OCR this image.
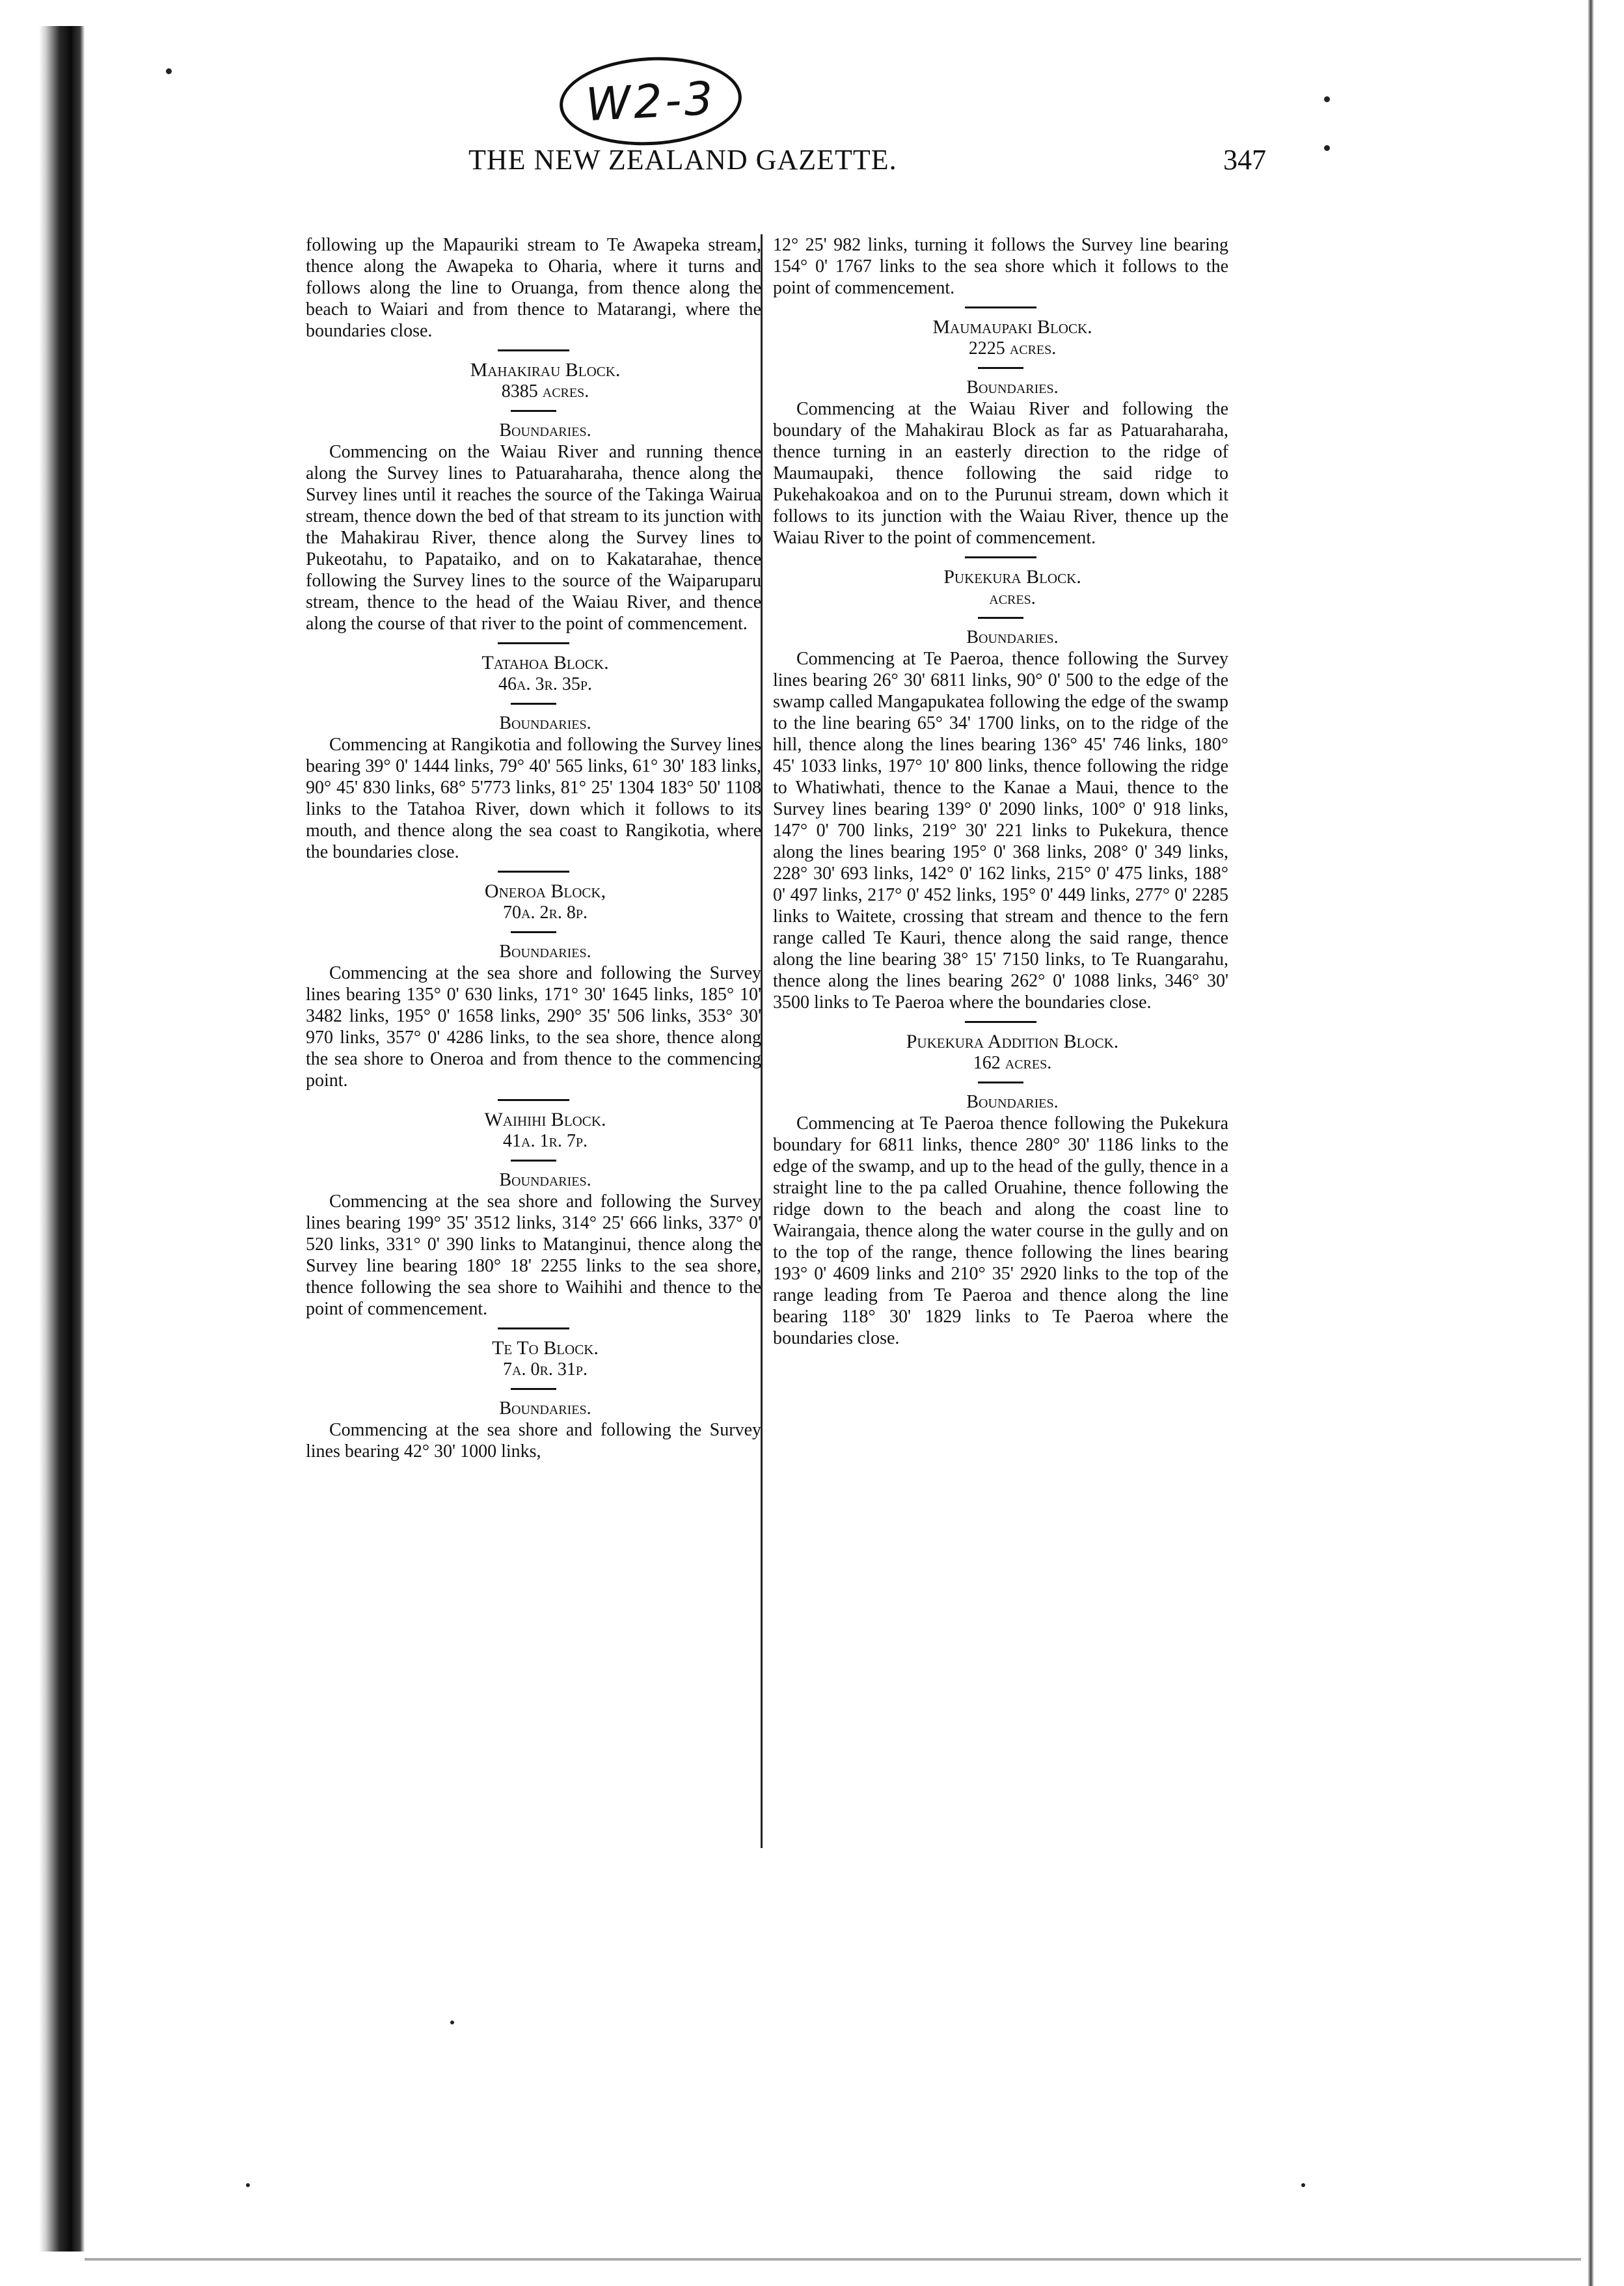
W2-3
THE NEW ZEALAND GAZETTE.	347

following up the Mapauriki stream to Te Awapeka stream, thence along the Awapeka to Oharia, where it turns and follows along the line to Oruanga, from thence along the beach to Waiari and from thence to Matarangi, where the boundaries close.

Mahakirau Block.

8385 acres.

Boundaries.

Commencing on the Waiau River and running thence along the Survey lines to Patuaraharaha, thence along the Survey lines until it reaches the source of the Takinga Wairua stream, thence down the bed of that stream to its junction with the Mahakirau River, thence along the Survey lines to Pukeotahu, to Papataiko, and on to Kakatarahae, thence following the Survey lines to the source of the Waiparuparu stream, thence to the head of the Waiau River, and thence along the course of that river to the point of commencement.

Tatahoa Block.

46a. 3r. 35p.

Boundaries.

Commencing at Rangikotia and following the Survey lines bearing 39° 0' 1444 links, 79° 40' 565 links, 61° 30' 183 links, 90° 45' 830 links, 68° 5'773 links, 81° 25' 1304 183° 50' 1108 links to the Tatahoa River, down which it follows to its mouth, and thence along the sea coast to Rangikotia, where the boundaries close.

Oneroa Block,

70a. 2r. 8p.

Boundaries.

Commencing at the sea shore and following the Survey lines bearing 135° 0' 630 links, 171° 30' 1645 links, 185° 10' 3482 links, 195° 0' 1658 links, 290° 35' 506 links, 353° 30' 970 links, 357° 0' 4286 links, to the sea shore, thence along the sea shore to Oneroa and from thence to the commencing point.

Waihihi Block.

41a. 1r. 7p.

Boundaries.

Commencing at the sea shore and following the Survey lines bearing 199° 35' 3512 links, 314° 25' 666 links, 337° 0' 520 links, 331° 0' 390 links to Matanginui, thence along the Survey line bearing 180° 18' 2255 links to the sea shore, thence following the sea shore to Waihihi and thence to the point of commencement.

Te To Block.

7a. 0r. 31p.

Boundaries.

Commencing at the sea shore and following the Survey lines bearing 42° 30' 1000 links,

12° 25' 982 links, turning it follows the Survey line bearing 154° 0' 1767 links to the sea shore which it follows to the point of commencement.

Maumaupaki Block.

2225 acres.

Boundaries.

Commencing at the Waiau River and following the boundary of the Mahakirau Block as far as Patuaraharaha, thence turning in an easterly direction to the ridge of Maumaupaki, thence following the said ridge to Pukehakoakoa and on to the Purunui stream, down which it follows to its junction with the Waiau River, thence up the Waiau River to the point of commencement.

Pukekura Block.

acres.

Boundaries.

Commencing at Te Paeroa, thence following the Survey lines bearing 26° 30' 6811 links, 90° 0' 500 to the edge of the swamp called Mangapukatea following the edge of the swamp to the line bearing 65° 34' 1700 links, on to the ridge of the hill, thence along the lines bearing 136° 45' 746 links, 180° 45' 1033 links, 197° 10' 800 links, thence following the ridge to Whatiwhati, thence to the Kanae a Maui, thence to the Survey lines bearing 139° 0' 2090 links, 100° 0' 918 links, 147° 0' 700 links, 219° 30' 221 links to Pukekura, thence along the lines bearing 195° 0' 368 links, 208° 0' 349 links, 228° 30' 693 links, 142° 0' 162 links, 215° 0' 475 links, 188° 0' 497 links, 217° 0' 452 links, 195° 0' 449 links, 277° 0' 2285 links to Waitete, crossing that stream and thence to the fern range called Te Kauri, thence along the said range, thence along the line bearing 38° 15' 7150 links, to Te Ruangarahu, thence along the lines bearing 262° 0' 1088 links, 346° 30' 3500 links to Te Paeroa where the boundaries close.

Pukekura Addition Block.

162 acres.

Boundaries.

Commencing at Te Paeroa thence following the Pukekura boundary for 6811 links, thence 280° 30' 1186 links to the edge of the swamp, and up to the head of the gully, thence in a straight line to the pa called Oruahine, thence following the ridge down to the beach and along the coast line to Wairangaia, thence along the water course in the gully and on to the top of the range, thence following the lines bearing 193° 0' 4609 links and 210° 35' 2920 links to the top of the range leading from Te Paeroa and thence along the line bearing 118° 30' 1829 links to Te Paeroa where the boundaries close.
